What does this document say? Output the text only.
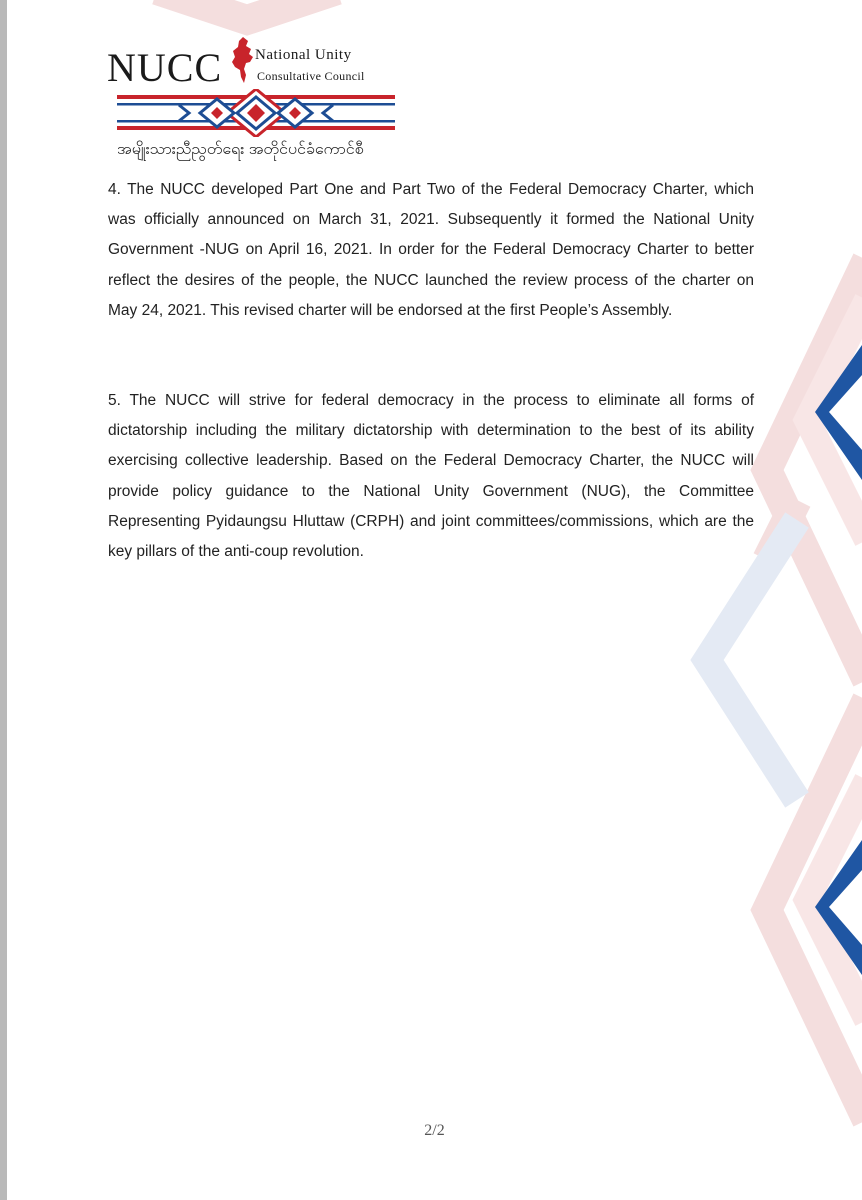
NUCC National Unity
Consultative Council
အမျိုးသားညီညွတ်ရေး အတိုင်ပင်ခံကောင်စီ

4. The NUCC developed Part One and Part Two of the Federal Democracy Charter, which was officially announced on March 31, 2021. Subsequently it formed the National Unity Government -NUG on April 16, 2021. In order for the Federal Democracy Charter to better reflect the desires of the people, the NUCC launched the review process of the charter on May 24, 2021. This revised charter will be endorsed at the first People’s Assembly.

5. The NUCC will strive for federal democracy in the process to eliminate all forms of dictatorship including the military dictatorship with determination to the best of its ability exercising collective leadership. Based on the Federal Democracy Charter, the NUCC will provide policy guidance to the National Unity Government (NUG), the Committee Representing Pyidaungsu Hluttaw (CRPH) and joint committees/commissions, which are the key pillars of the anti-coup revolution.

2/2
